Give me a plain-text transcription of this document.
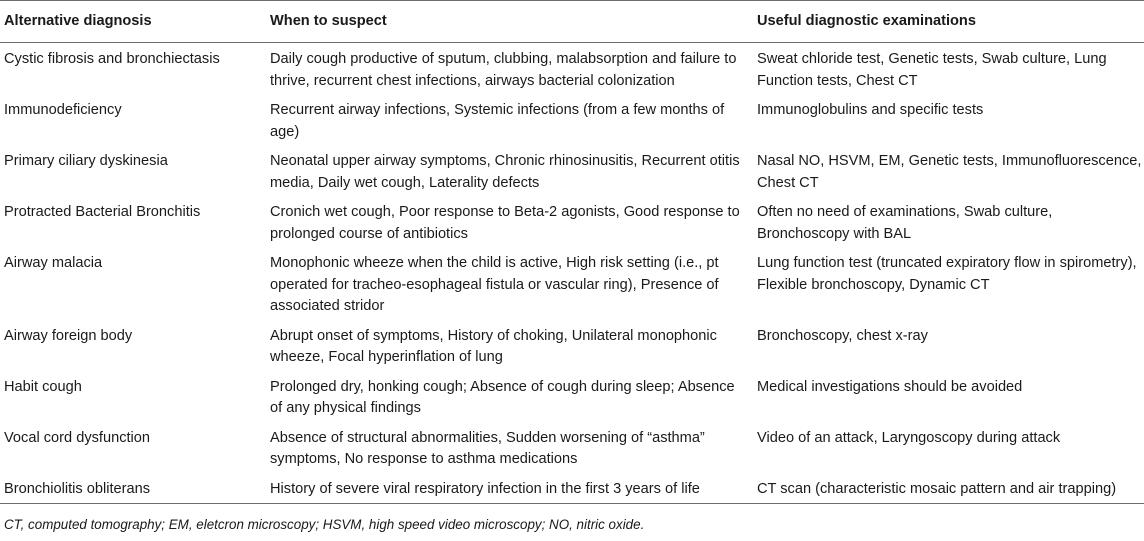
Alternative diagnosis	When to suspect	Useful diagnostic examinations
Cystic fibrosis and bronchiectasis	Daily cough productive of sputum, clubbing, malabsorption and failure to thrive, recurrent chest infections, airways bacterial colonization	Sweat chloride test, Genetic tests, Swab culture, Lung Function tests, Chest CT
Immunodeficiency	Recurrent airway infections, Systemic infections (from a few months of age)	Immunoglobulins and specific tests
Primary ciliary dyskinesia	Neonatal upper airway symptoms, Chronic rhinosinusitis, Recurrent otitis media, Daily wet cough, Laterality defects	Nasal NO, HSVM, EM, Genetic tests, Immunofluorescence, Chest CT
Protracted Bacterial Bronchitis	Cronich wet cough, Poor response to Beta-2 agonists, Good response to prolonged course of antibiotics	Often no need of examinations, Swab culture, Bronchoscopy with BAL
Airway malacia	Monophonic wheeze when the child is active, High risk setting (i.e., pt operated for tracheo-esophageal fistula or vascular ring), Presence of associated stridor	Lung function test (truncated expiratory flow in spirometry), Flexible bronchoscopy, Dynamic CT
Airway foreign body	Abrupt onset of symptoms, History of choking, Unilateral monophonic wheeze, Focal hyperinflation of lung	Bronchoscopy, chest x-ray
Habit cough	Prolonged dry, honking cough; Absence of cough during sleep; Absence of any physical findings	Medical investigations should be avoided
Vocal cord dysfunction	Absence of structural abnormalities, Sudden worsening of “asthma” symptoms, No response to asthma medications	Video of an attack, Laryngoscopy during attack
Bronchiolitis obliterans	History of severe viral respiratory infection in the first 3 years of life	CT scan (characteristic mosaic pattern and air trapping)
CT, computed tomography; EM, eletcron microscopy; HSVM, high speed video microscopy; NO, nitric oxide.
